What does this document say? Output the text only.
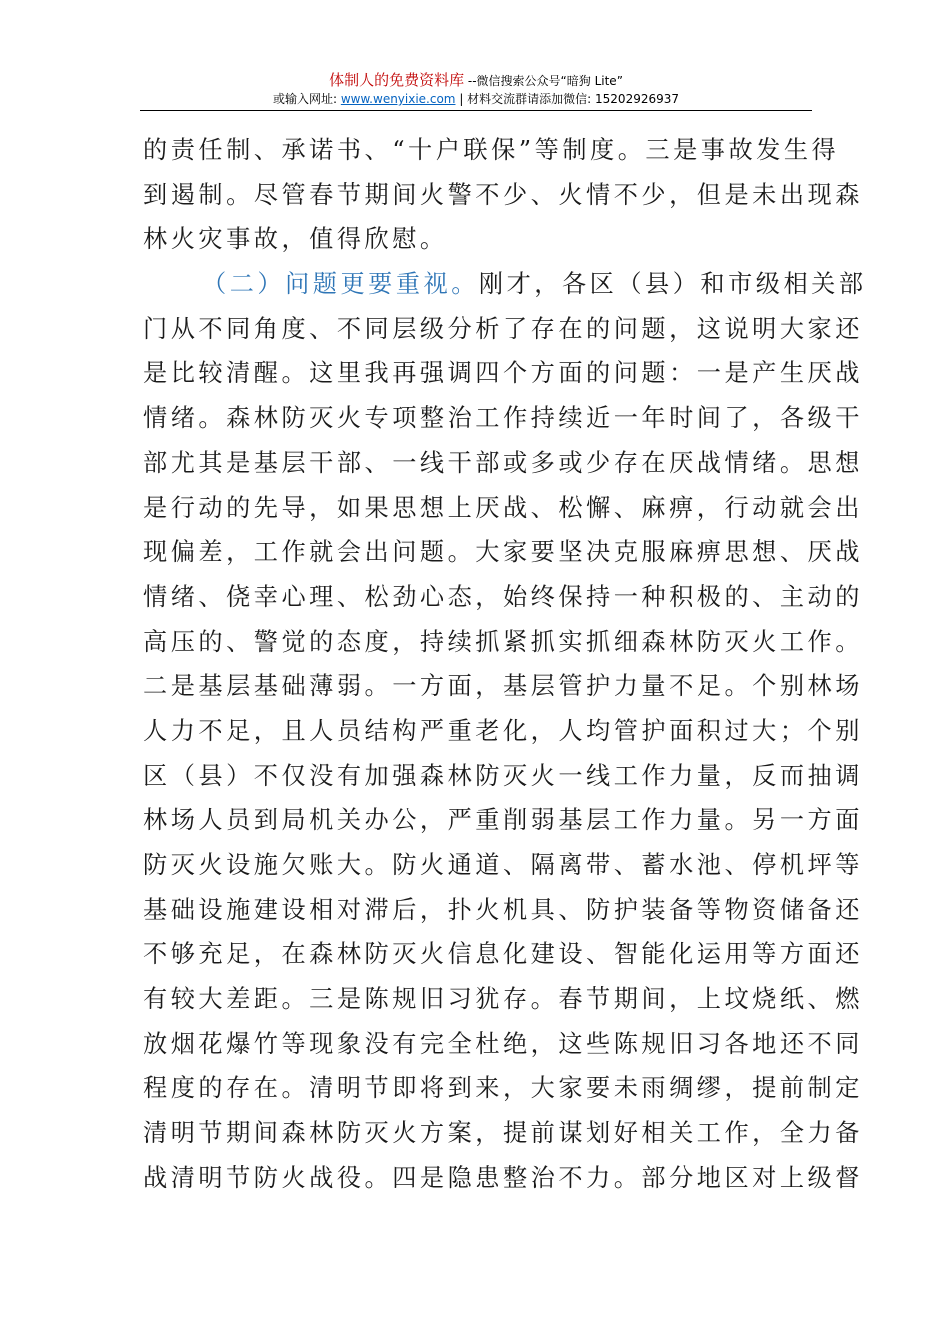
体制人的免费资料库 --微信搜索公众号“暗狗 Lite”
或输入网址: www.wenyixie.com | 材料交流群请添加微信: 15202926937
的责任制、承诺书、“十户联保”等制度。三是事故发生得
到遏制。尽管春节期间火警不少、火情不少，但是未出现森
林火灾事故，值得欣慰。
（二）问题更要重视。刚才，各区（县）和市级相关部
门从不同角度、不同层级分析了存在的问题，这说明大家还
是比较清醒。这里我再强调四个方面的问题：一是产生厌战
情绪。森林防灭火专项整治工作持续近一年时间了，各级干
部尤其是基层干部、一线干部或多或少存在厌战情绪。思想
是行动的先导，如果思想上厌战、松懈、麻痹，行动就会出
现偏差，工作就会出问题。大家要坚决克服麻痹思想、厌战
情绪、侥幸心理、松劲心态，始终保持一种积极的、主动的
高压的、警觉的态度，持续抓紧抓实抓细森林防灭火工作。
二是基层基础薄弱。一方面，基层管护力量不足。个别林场
人力不足，且人员结构严重老化，人均管护面积过大；个别
区（县）不仅没有加强森林防灭火一线工作力量，反而抽调
林场人员到局机关办公，严重削弱基层工作力量。另一方面
防灭火设施欠账大。防火通道、隔离带、蓄水池、停机坪等
基础设施建设相对滞后，扑火机具、防护装备等物资储备还
不够充足，在森林防灭火信息化建设、智能化运用等方面还
有较大差距。三是陈规旧习犹存。春节期间，上坟烧纸、燃
放烟花爆竹等现象没有完全杜绝，这些陈规旧习各地还不同
程度的存在。清明节即将到来，大家要未雨绸缪，提前制定
清明节期间森林防灭火方案，提前谋划好相关工作，全力备
战清明节防火战役。四是隐患整治不力。部分地区对上级督
